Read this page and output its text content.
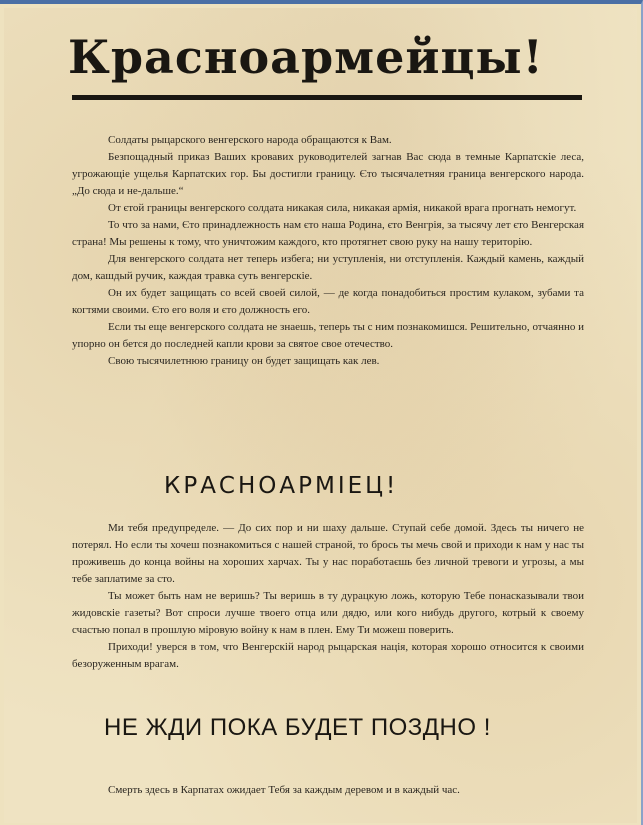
Красноармейцы!

Солдаты рыцарского венгерского народа обращаются к Вам.

Безпощадный приказ Ваших кровавих руководителей загнав Вас сюда в темные Карпатскіе леса, угрожающіе ущелья Карпатских гор. Бы достигли границу. Єто тысячалетняя граница венгерского народа. „До сюда и не-дальше.“

От єтой границы венгерского солдата никакая сила, никакая армія, никакой врага прогнать немогут.

То что за нами, Єто принадлежность нам єто наша Родина, єто Венгрія, за тысячу лет єто Венгерская страна! Мы решены к тому, что уничтожим каждого, кто протягнет свою руку на нашу територію.

Для венгерского солдата нет теперь избега; ни уступленія, ни отступленія. Каждый камень, каждый дом, кашдый ручик, каждая травка суть венгерскіе.

Он их будет защищать со всей своей силой, — де когда понадобиться простим кулаком, зубами та когтями своими. Єто его воля и єто должность его.

Если ты еще венгерского солдата не знаешь, теперь ты с ним познакомишся. Решительно, отчаянно и упорно он бется до последней капли крови за святое свое отечество.

Свою тысячилетнюю границу он будет защищать как лев.

КРАСНОАРМІЕЦ!

Ми тебя предупределе. — До сих пор и ни шаху дальше. Ступай себе домой. Здесь ты ничего не потерял. Но если ты хочеш познакомиться с нашей страной, то брось ты мечь свой и приходи к нам у нас ты проживешь до конца войны на хороших харчах. Ты у нас поработаєшь без личной тревоги и угрозы, а мы тебе заплатиме за сто.

Ты может быть нам не веришь? Ты веришь в ту дурацкую ложь, которую Тебе понасказывали твои жидовскіе газеты? Вот спроси лучше твоего отца или дядю, или кого нибудь другого, котрый к своему счастью попал в прошлую міровую войну к нам в плен. Ему Ти можеш поверить.

Приходи! уверся в том, что Венгерскій народ рыцарская нація, которая хорошо относится к своими безоруженным врагам.

НЕ ЖДИ ПОКА БУДЕТ ПОЗДНО !

Смерть здесь в Карпатах ожидает Тебя за каждым деревом и в каждый час.
